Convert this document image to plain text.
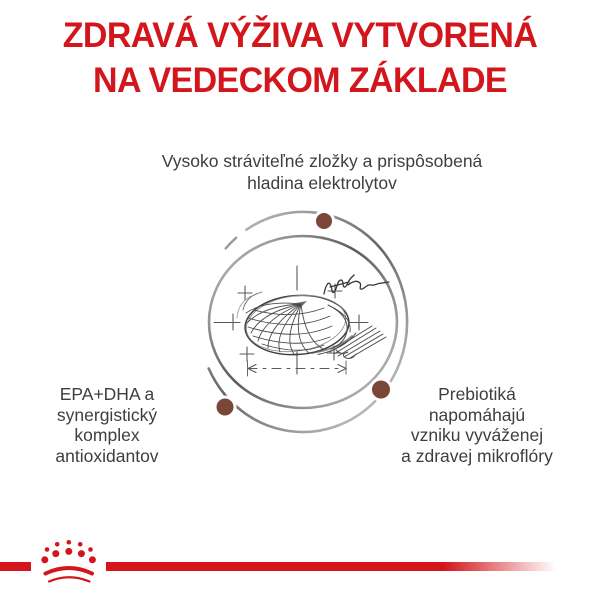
ZDRAVÁ VÝŽIVA VYTVORENÁ
NA VEDECKOM ZÁKLADE
Vysoko stráviteľné zložky a prispôsobená
hladina elektrolytov
EPA+DHA a
synergistický
komplex
antioxidantov
Prebiotiká
napomáhajú
vzniku vyváženej
a zdravej mikroflóry
